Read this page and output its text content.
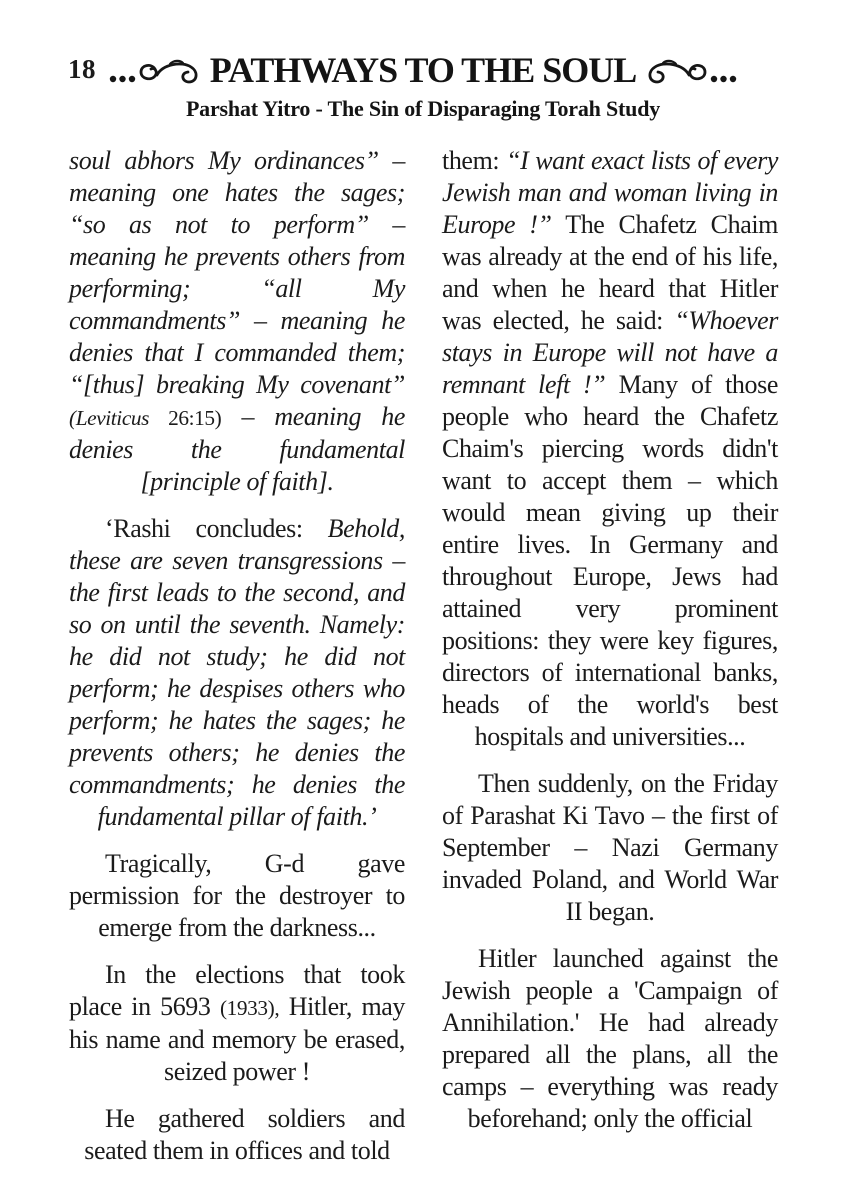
18	PATHWAYS TO THE SOUL
Parshat Yitro - The Sin of Disparaging Torah Study

soul abhors My ordinances” – meaning one hates the sages; “so as not to perform” – meaning he prevents others from performing; “all My commandments” – meaning he denies that I commanded them; “[thus] breaking My covenant” (Leviticus 26:15) – meaning he denies the fundamental [principle of faith].

‘Rashi concludes: Behold, these are seven transgressions – the first leads to the second, and so on until the seventh. Namely: he did not study; he did not perform; he despises others who perform; he hates the sages; he prevents others; he denies the commandments; he denies the fundamental pillar of faith.’

Tragically, G-d gave permission for the destroyer to emerge from the darkness...

In the elections that took place in 5693 (1933), Hitler, may his name and memory be erased, seized power !

He gathered soldiers and seated them in offices and told

them: “I want exact lists of every Jewish man and woman living in Europe !” The Chafetz Chaim was already at the end of his life, and when he heard that Hitler was elected, he said: “Whoever stays in Europe will not have a remnant left !” Many of those people who heard the Chafetz Chaim's piercing words didn't want to accept them – which would mean giving up their entire lives. In Germany and throughout Europe, Jews had attained very prominent positions: they were key figures, directors of international banks, heads of the world's best hospitals and universities...

Then suddenly, on the Friday of Parashat Ki Tavo – the first of September – Nazi Germany invaded Poland, and World War II began.

Hitler launched against the Jewish people a 'Campaign of Annihilation.' He had already prepared all the plans, all the camps – everything was ready beforehand; only the official
